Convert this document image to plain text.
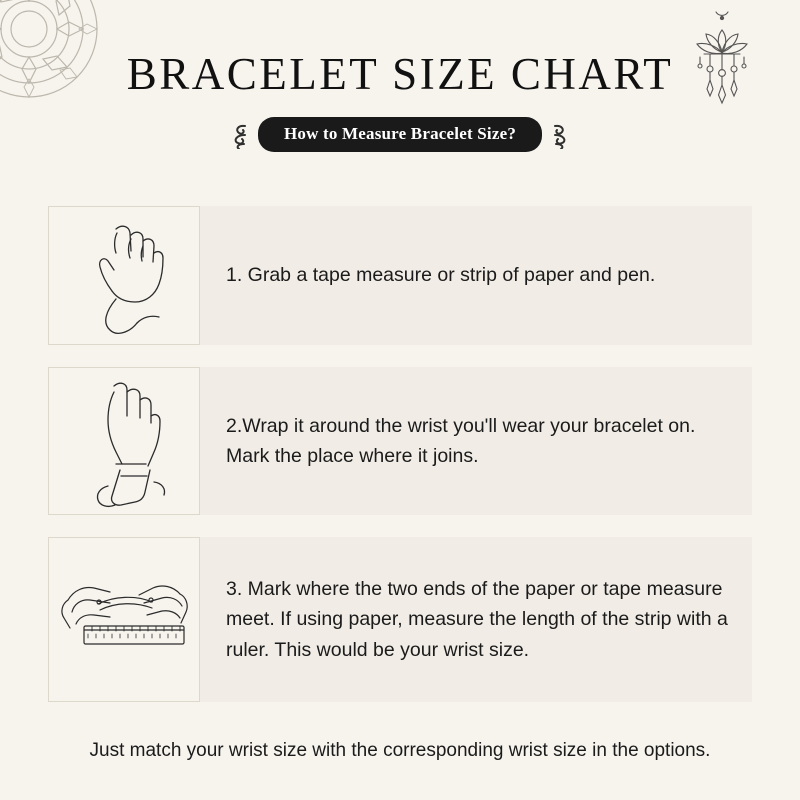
BRACELET SIZE CHART
How to Measure Bracelet Size?
1. Grab a tape measure or strip of paper and pen.
2.Wrap it around the wrist you'll wear your bracelet on. Mark the place where it joins.
3. Mark where the two ends of the paper or tape measure meet. If using paper, measure the length of the strip with a ruler. This would be your wrist size.
Just match your wrist size with the corresponding wrist size in the options.
